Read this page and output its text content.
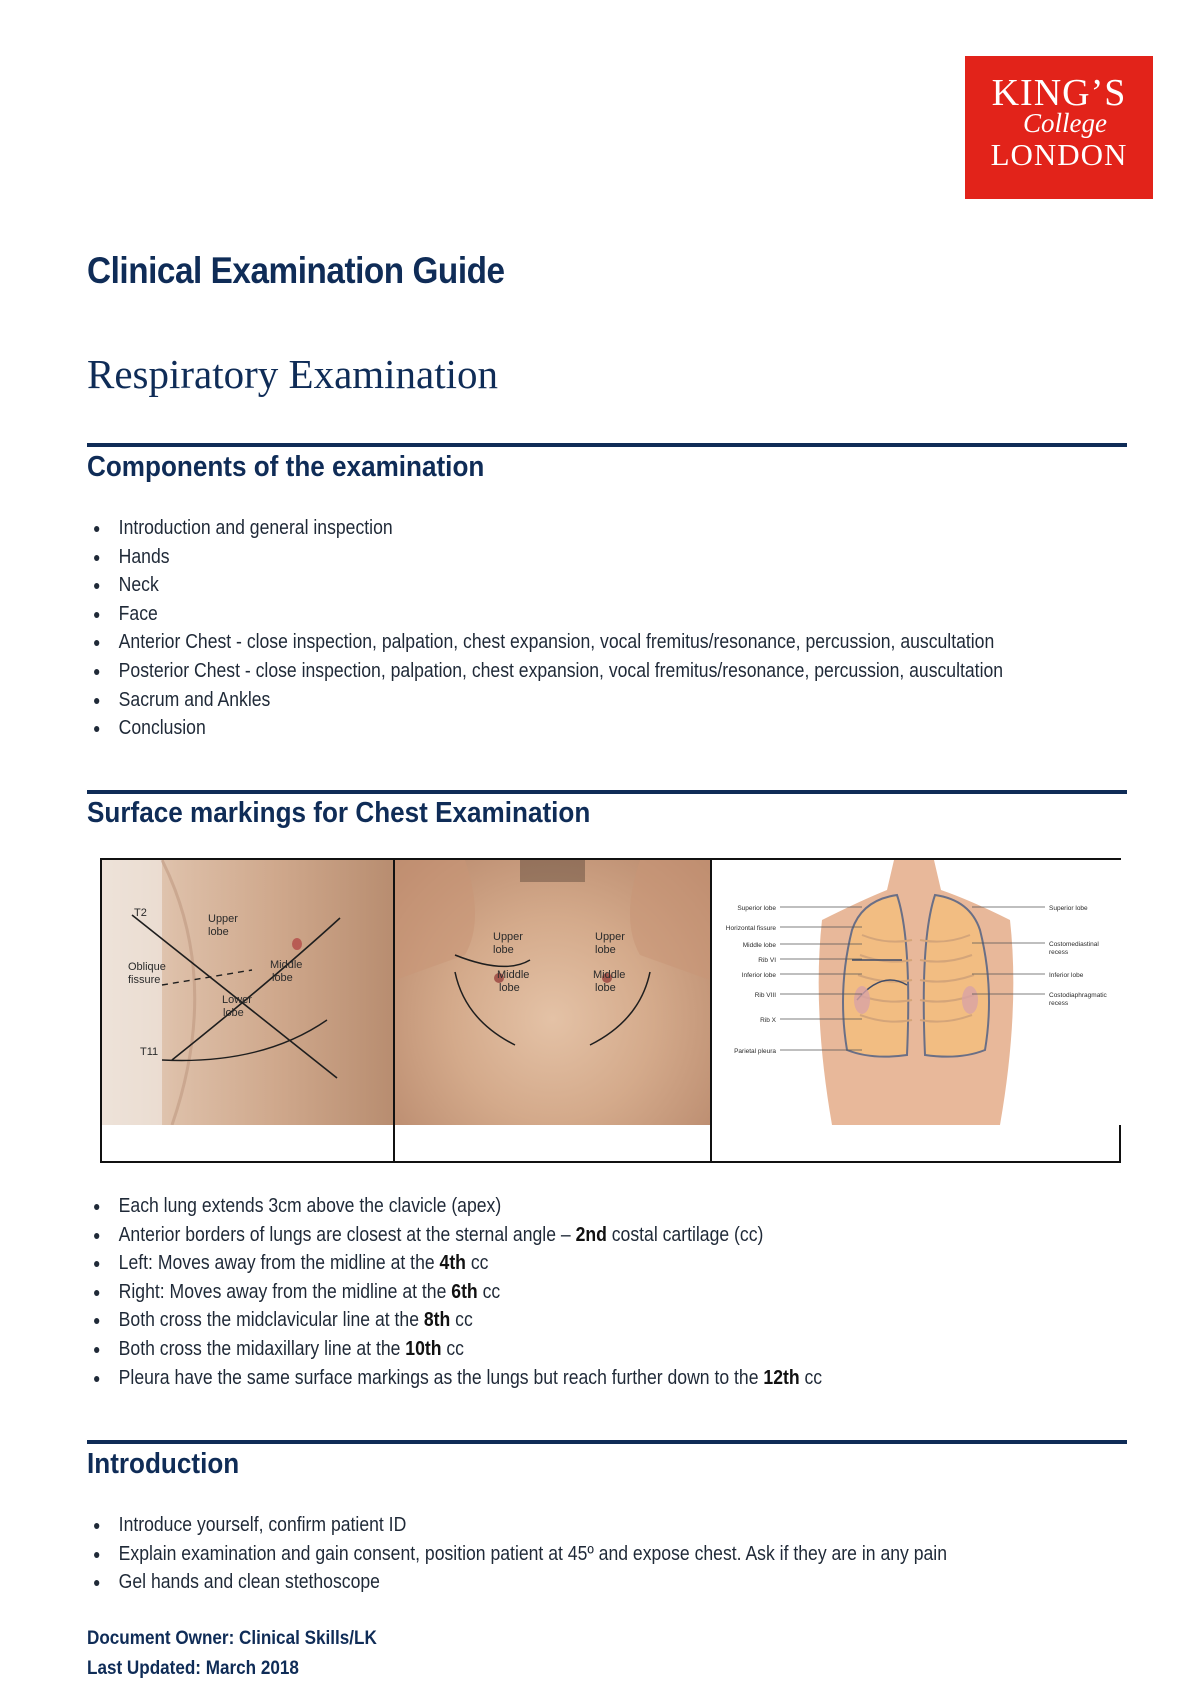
KING’S
College
LONDON
Clinical Examination Guide
Respiratory Examination
Components of the examination
Introduction and general inspection
Hands
Neck
Face
Anterior Chest - close inspection, palpation, chest expansion, vocal fremitus/resonance, percussion, auscultation
Posterior Chest - close inspection, palpation, chest expansion, vocal fremitus/resonance, percussion, auscultation
Sacrum and Ankles
Conclusion
Surface markings for Chest Examination
T2	Upper
lobe
Oblique
fissure
Middle
lobe
Lower
lobe
T11
Upper
lobe
Upper
lobe
Middle
lobe
Middle
lobe
Superior lobe
Horizontal fissure
Middle lobe
Rib VI
Inferior lobe
Rib VIII
Rib X
Parietal pleura
Superior lobe
Costomediastinal
recess
Inferior lobe
Costodiaphragmatic
recess
Each lung extends 3cm above the clavicle (apex)
Anterior borders of lungs are closest at the sternal angle – 2nd costal cartilage (cc)
Left: Moves away from the midline at the 4th cc
Right: Moves away from the midline at the 6th cc
Both cross the midclavicular line at the 8th cc
Both cross the midaxillary line at the 10th cc
Pleura have the same surface markings as the lungs but reach further down to the 12th cc
Introduction
Introduce yourself, confirm patient ID
Explain examination and gain consent, position patient at 45º and expose chest. Ask if they are in any pain
Gel hands and clean stethoscope

Document Owner: Clinical Skills/LK

Last Updated: March 2018
